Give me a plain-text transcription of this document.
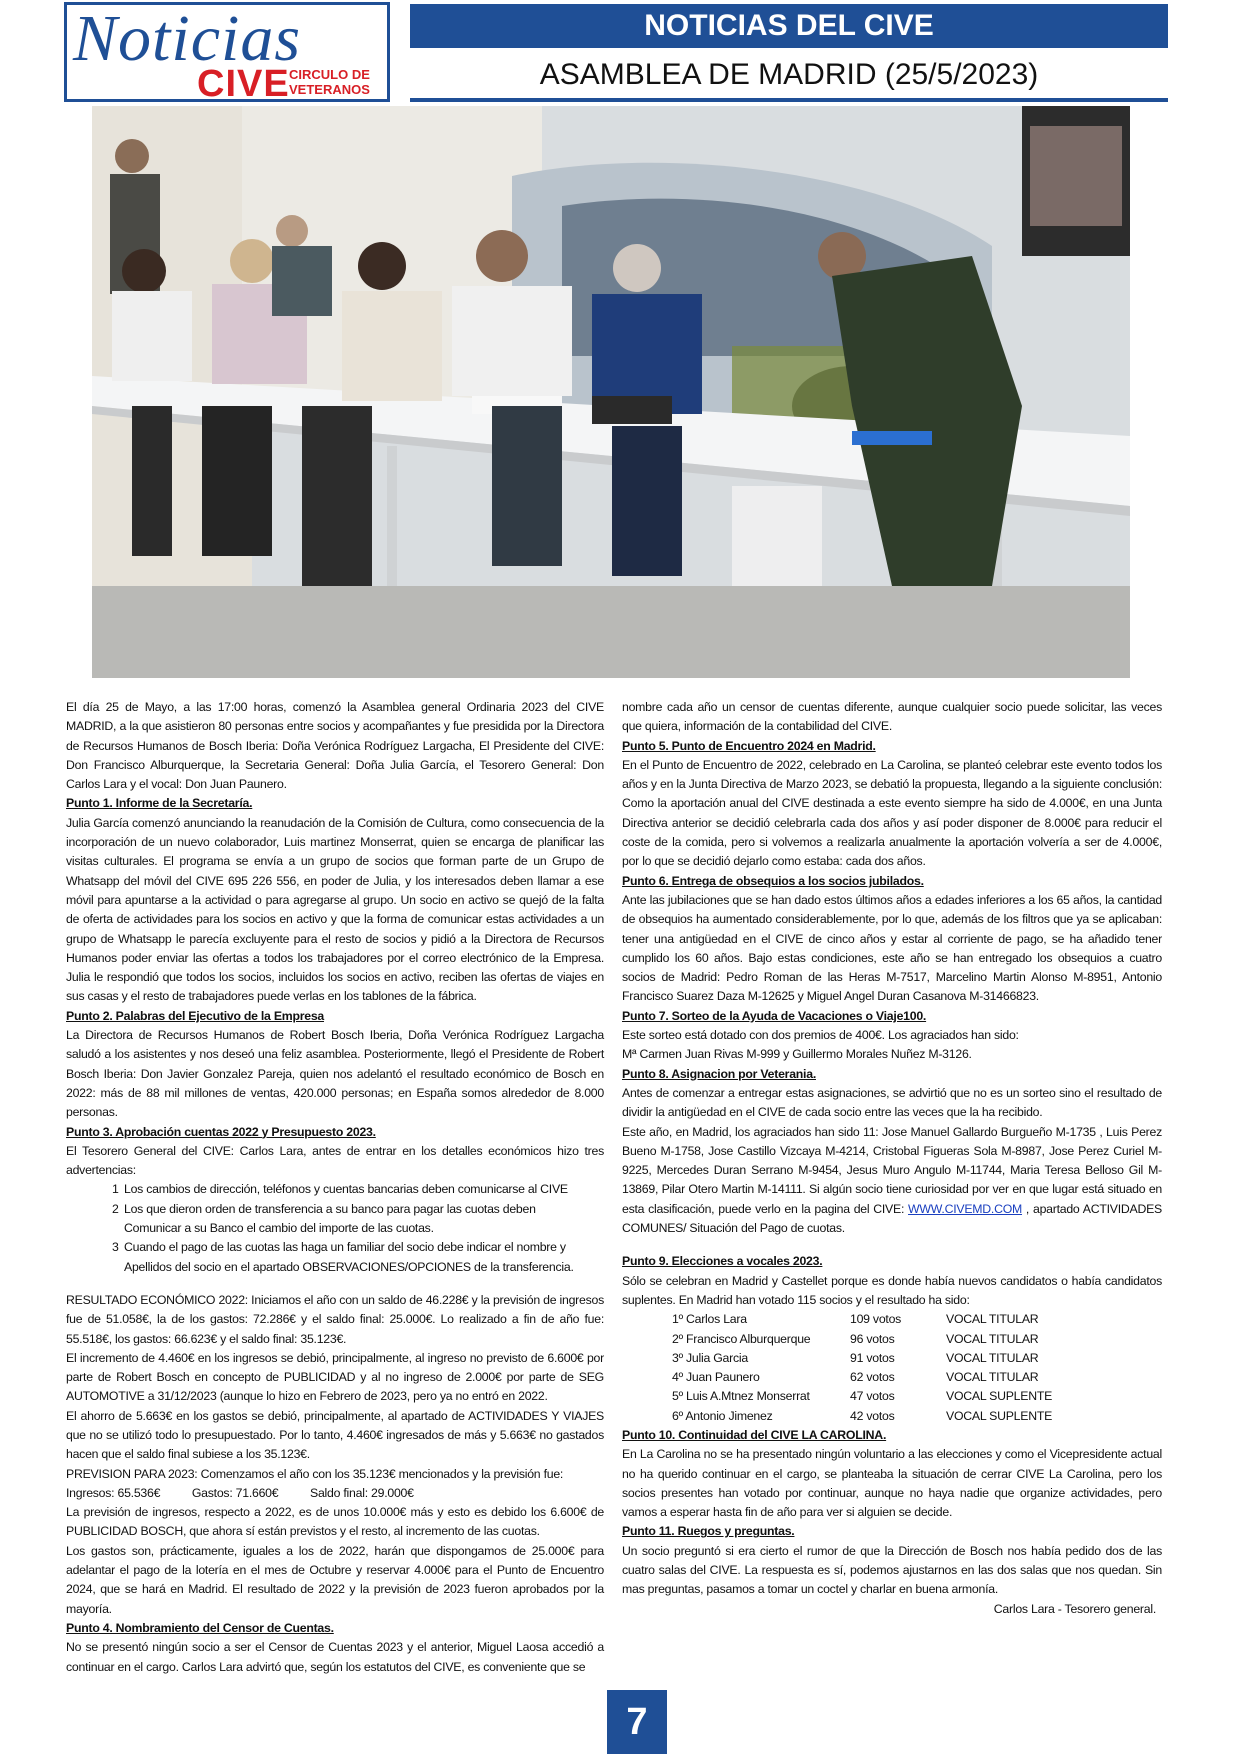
Noticias
CIVE CIRCULO DE
VETERANOS
NOTICIAS DEL CIVE
ASAMBLEA DE MADRID (25/5/2023)

El día 25 de Mayo, a las 17:00 horas, comenzó la Asamblea general Ordinaria 2023 del CIVE MADRID, a la que asistieron 80 personas entre socios y acompañantes y fue presidida por la Directora de Recursos Humanos de Bosch Iberia: Doña Verónica Rodríguez Largacha, El Presidente del CIVE: Don Francisco Alburquerque, la Secretaria General: Doña Julia García, el Tesorero General: Don Carlos Lara y el vocal: Don Juan Paunero.

Punto 1. Informe de la Secretaría.

Julia García comenzó anunciando la reanudación de la Comisión de Cultura, como consecuencia de la incorporación de un nuevo colaborador, Luis martinez Monserrat, quien se encarga de planificar las visitas culturales. El programa se envía a un grupo de socios que forman parte de un Grupo de Whatsapp del móvil del CIVE 695 226 556, en poder de Julia, y los interesados deben llamar a ese móvil para apuntarse a la actividad o para agregarse al grupo. Un socio en activo se quejó de la falta de oferta de actividades para los socios en activo y que la forma de comunicar estas actividades a un grupo de Whatsapp le parecía excluyente para el resto de socios y pidió a la Directora de Recursos Humanos poder enviar las ofertas a todos los trabajadores por el correo electrónico de la Empresa. Julia le respondió que todos los socios, incluidos los socios en activo, reciben las ofertas de viajes en sus casas y el resto de trabajadores puede verlas en los tablones de la fábrica.

Punto 2. Palabras del Ejecutivo de la Empresa

La Directora de Recursos Humanos de Robert Bosch Iberia, Doña Verónica Rodríguez Largacha saludó a los asistentes y nos deseó una feliz asamblea. Posteriormente, llegó el Presidente de Robert Bosch Iberia: Don Javier Gonzalez Pareja, quien nos adelantó el resultado económico de Bosch en 2022: más de 88 mil millones de ventas, 420.000 personas; en España somos alrededor de 8.000 personas.

Punto 3. Aprobación cuentas 2022 y Presupuesto 2023.

El Tesorero General del CIVE: Carlos Lara, antes de entrar en los detalles económicos hizo tres advertencias:

1 Los cambios de dirección, teléfonos y cuentas bancarias deben comunicarse al CIVE
2 Los que dieron orden de transferencia a su banco para pagar las cuotas deben
Comunicar a su Banco el cambio del importe de las cuotas.
3 Cuando el pago de las cuotas las haga un familiar del socio debe indicar el nombre y
Apellidos del socio en el apartado OBSERVACIONES/OPCIONES de la transferencia.

RESULTADO ECONÓMICO 2022: Iniciamos el año con un saldo de 46.228€ y la previsión de ingresos fue de 51.058€, la de los gastos: 72.286€ y el saldo final: 25.000€. Lo realizado a fin de año fue: 55.518€, los gastos: 66.623€ y el saldo final: 35.123€.

El incremento de 4.460€ en los ingresos se debió, principalmente, al ingreso no previsto de 6.600€ por parte de Robert Bosch en concepto de PUBLICIDAD y al no ingreso de 2.000€ por parte de SEG AUTOMOTIVE a 31/12/2023 (aunque lo hizo en Febrero de 2023, pero ya no entró en 2022.

El ahorro de 5.663€ en los gastos se debió, principalmente, al apartado de ACTIVIDADES Y VIAJES que no se utilizó todo lo presupuestado. Por lo tanto, 4.460€ ingresados de más y 5.663€ no gastados hacen que el saldo final subiese a los 35.123€.

PREVISION PARA 2023: Comenzamos el año con los 35.123€ mencionados y la previsión fue:

Ingresos: 65.536€          Gastos: 71.660€          Saldo final: 29.000€

La previsión de ingresos, respecto a 2022, es de unos 10.000€ más y esto es debido los 6.600€ de PUBLICIDAD BOSCH, que ahora sí están previstos y el resto, al incremento de las cuotas.

Los gastos son, prácticamente, iguales a los de 2022, harán que dispongamos de 25.000€ para adelantar el pago de la lotería en el mes de Octubre y reservar 4.000€ para el Punto de Encuentro 2024, que se hará en Madrid. El resultado de 2022 y la previsión de 2023 fueron aprobados por la mayoría.

Punto 4. Nombramiento del Censor de Cuentas.

No se presentó ningún socio a ser el Censor de Cuentas 2023 y el anterior, Miguel Laosa accedió a continuar en el cargo. Carlos Lara advirtó que, según los estatutos del CIVE, es conveniente que se

nombre cada año un censor de cuentas diferente, aunque cualquier socio puede solicitar, las veces que quiera, información de la contabilidad del CIVE.

Punto 5. Punto de Encuentro 2024 en Madrid.

En el Punto de Encuentro de 2022, celebrado en La Carolina, se planteó celebrar este evento todos los años y en la Junta Directiva de Marzo 2023, se debatió la propuesta, llegando a la siguiente conclusión: Como la aportación anual del CIVE destinada a este evento siempre ha sido de 4.000€, en una Junta Directiva anterior se decidió celebrarla cada dos años y así poder disponer de 8.000€ para reducir el coste de la comida, pero si volvemos a realizarla anualmente la aportación volvería a ser de 4.000€, por lo que se decidió dejarlo como estaba: cada dos años.

Punto 6. Entrega de obsequios a los socios jubilados.

Ante las jubilaciones que se han dado estos últimos años a edades inferiores a los 65 años, la cantidad de obsequios ha aumentado considerablemente, por lo que, además de los filtros que ya se aplicaban: tener una antigüedad en el CIVE de cinco años y estar al corriente de pago, se ha añadido tener cumplido los 60 años. Bajo estas condiciones, este año se han entregado los obsequios a cuatro socios de Madrid: Pedro Roman de las Heras M-7517, Marcelino Martin Alonso M-8951, Antonio Francisco Suarez Daza M-12625 y Miguel Angel Duran Casanova M-31466823.

Punto 7. Sorteo de la Ayuda de Vacaciones o Viaje100.

Este sorteo está dotado con dos premios de 400€. Los agraciados han sido:

Mª Carmen Juan Rivas M-999 y Guillermo Morales Nuñez M-3126.

Punto 8. Asignacion por Veterania.

Antes de comenzar a entregar estas asignaciones, se advirtió que no es un sorteo sino el resultado de dividir la antigüedad en el CIVE de cada socio entre las veces que la ha recibido.

Este año, en Madrid, los agraciados han sido 11: Jose Manuel Gallardo Burgueño M-1735 , Luis Perez Bueno M-1758, Jose Castillo Vizcaya M-4214, Cristobal Figueras Sola M-8987, Jose Perez Curiel M-9225, Mercedes Duran Serrano M-9454, Jesus Muro Angulo M-11744, Maria Teresa Belloso Gil M-13869, Pilar Otero Martin M-14111. Si algún socio tiene curiosidad por ver en que lugar está situado en esta clasificación, puede verlo en la pagina del CIVE: WWW.CIVEMD.COM , apartado ACTIVIDADES COMUNES/ Situación del Pago de cuotas.

Punto 9. Elecciones a vocales 2023.

Sólo se celebran en Madrid y Castellet porque es donde había nuevos candidatos o había candidatos suplentes. En Madrid han votado 115 socios y el resultado ha sido:

1º Carlos Lara	109 votos	VOCAL TITULAR
2º Francisco Alburquerque	96 votos	VOCAL TITULAR
3º Julia Garcia	91 votos	VOCAL TITULAR
4º Juan Paunero	62 votos	VOCAL TITULAR
5º Luis A.Mtnez Monserrat	47 votos	VOCAL SUPLENTE
6º Antonio Jimenez	42 votos	VOCAL SUPLENTE

Punto 10. Continuidad del CIVE LA CAROLINA.

En La Carolina no se ha presentado ningún voluntario a las elecciones y como el Vicepresidente actual no ha querido continuar en el cargo, se planteaba la situación de cerrar CIVE La Carolina, pero los socios presentes han votado por continuar, aunque no haya nadie que organize actividades, pero vamos a esperar hasta fin de año para ver si alguien se decide.

Punto 11. Ruegos y preguntas.

Un socio preguntó si era cierto el rumor de que la Dirección de Bosch nos había pedido dos de las cuatro salas del CIVE. La respuesta es sí, podemos ajustarnos en las dos salas que nos quedan. Sin mas preguntas, pasamos a tomar un coctel y charlar en buena armonía.

Carlos Lara - Tesorero general.

7
